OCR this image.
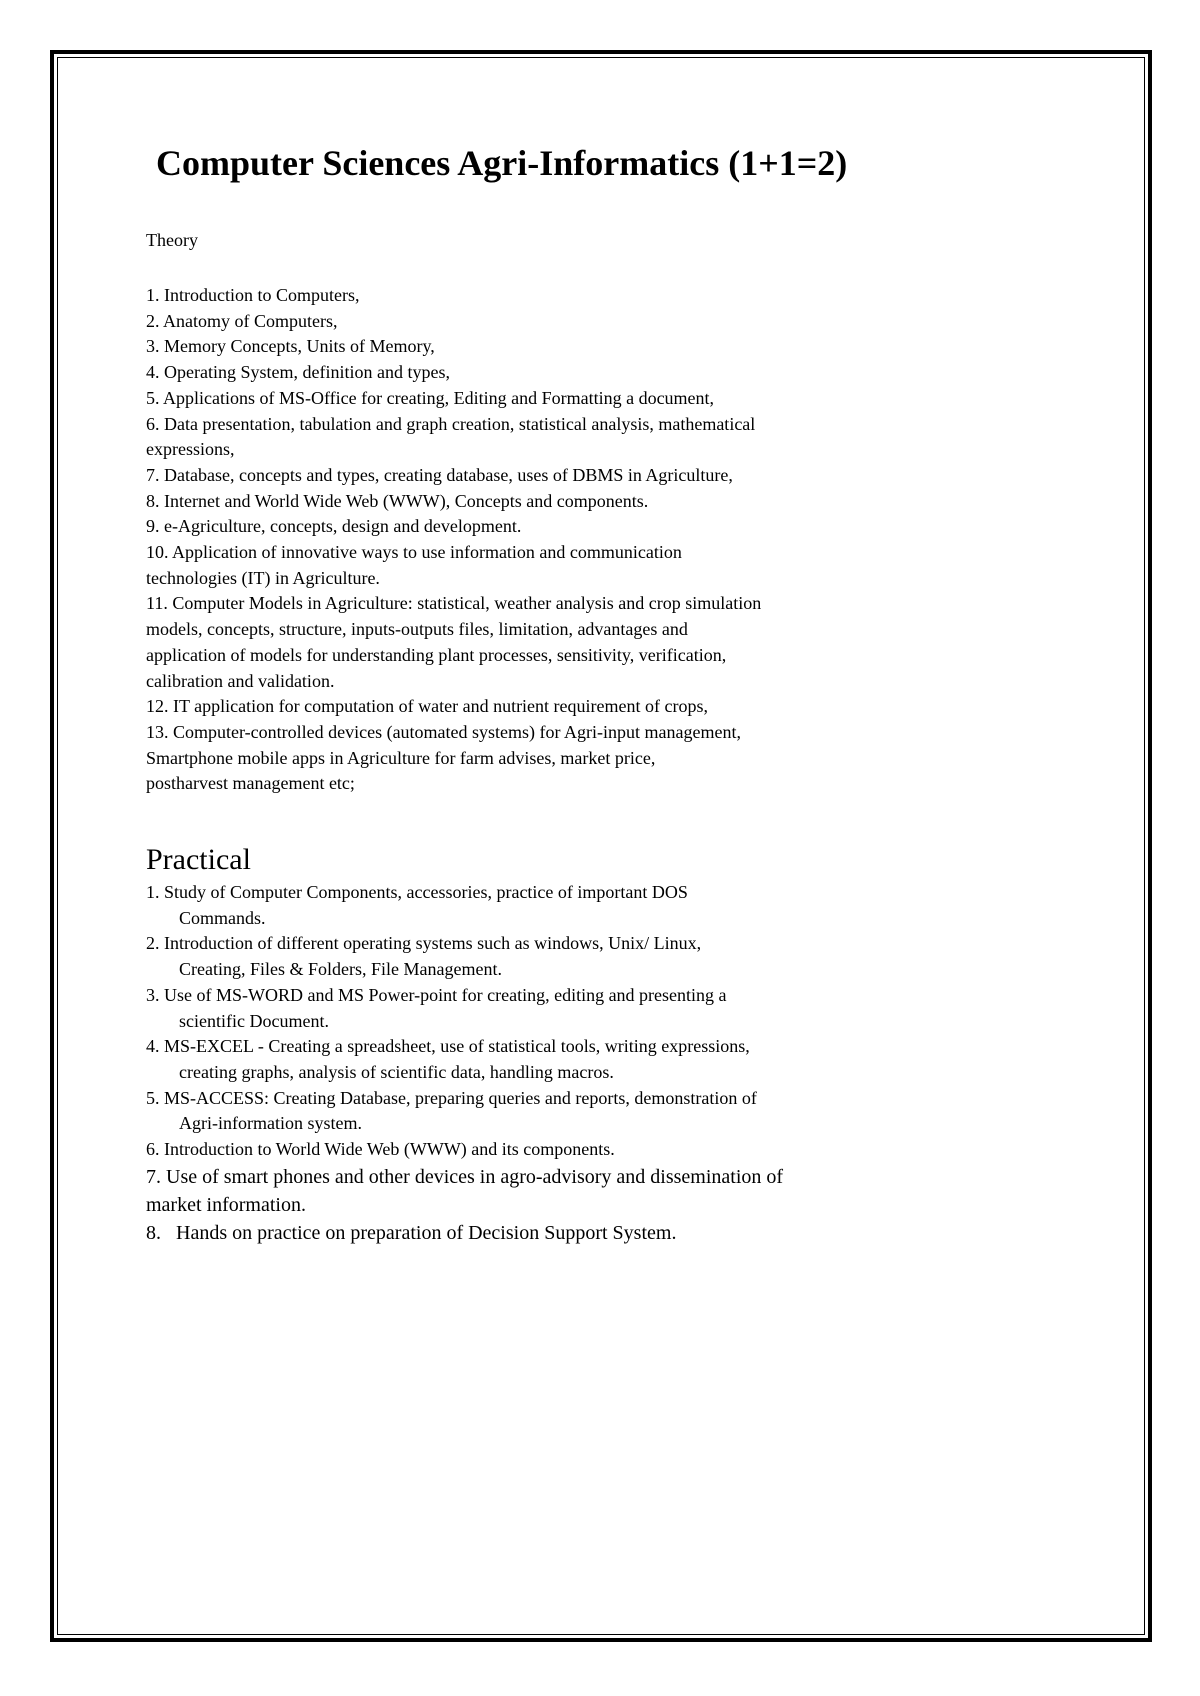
Computer Sciences Agri-Informatics (1+1=2)
Theory
1. Introduction to Computers,
2. Anatomy of Computers,
3. Memory Concepts, Units of Memory,
4. Operating System, definition and types,
5. Applications of MS-Office for creating, Editing and Formatting a document,
6. Data presentation, tabulation and graph creation, statistical analysis, mathematical
expressions,
7. Database, concepts and types, creating database, uses of DBMS in Agriculture,
8. Internet and World Wide Web (WWW), Concepts and components.
9. e-Agriculture, concepts, design and development.
10. Application of innovative ways to use information and communication
technologies (IT) in Agriculture.
11. Computer Models in Agriculture: statistical, weather analysis and crop simulation
models, concepts, structure, inputs-outputs files, limitation, advantages and
application of models for understanding plant processes, sensitivity, verification,
calibration and validation.
12. IT application for computation of water and nutrient requirement of crops,
13. Computer-controlled devices (automated systems) for Agri-input management,
Smartphone mobile apps in Agriculture for farm advises, market price,
postharvest management etc;
Practical
1. Study of Computer Components, accessories, practice of important DOS
Commands.
2. Introduction of different operating systems such as windows, Unix/ Linux,
Creating, Files & Folders, File Management.
3. Use of MS-WORD and MS Power-point for creating, editing and presenting a
scientific Document.
4. MS-EXCEL - Creating a spreadsheet, use of statistical tools, writing expressions,
creating graphs, analysis of scientific data, handling macros.
5. MS-ACCESS: Creating Database, preparing queries and reports, demonstration of
Agri-information system.
6. Introduction to World Wide Web (WWW) and its components.
7. Use of smart phones and other devices in agro-advisory and dissemination of
market information.
8.   Hands on practice on preparation of Decision Support System.
